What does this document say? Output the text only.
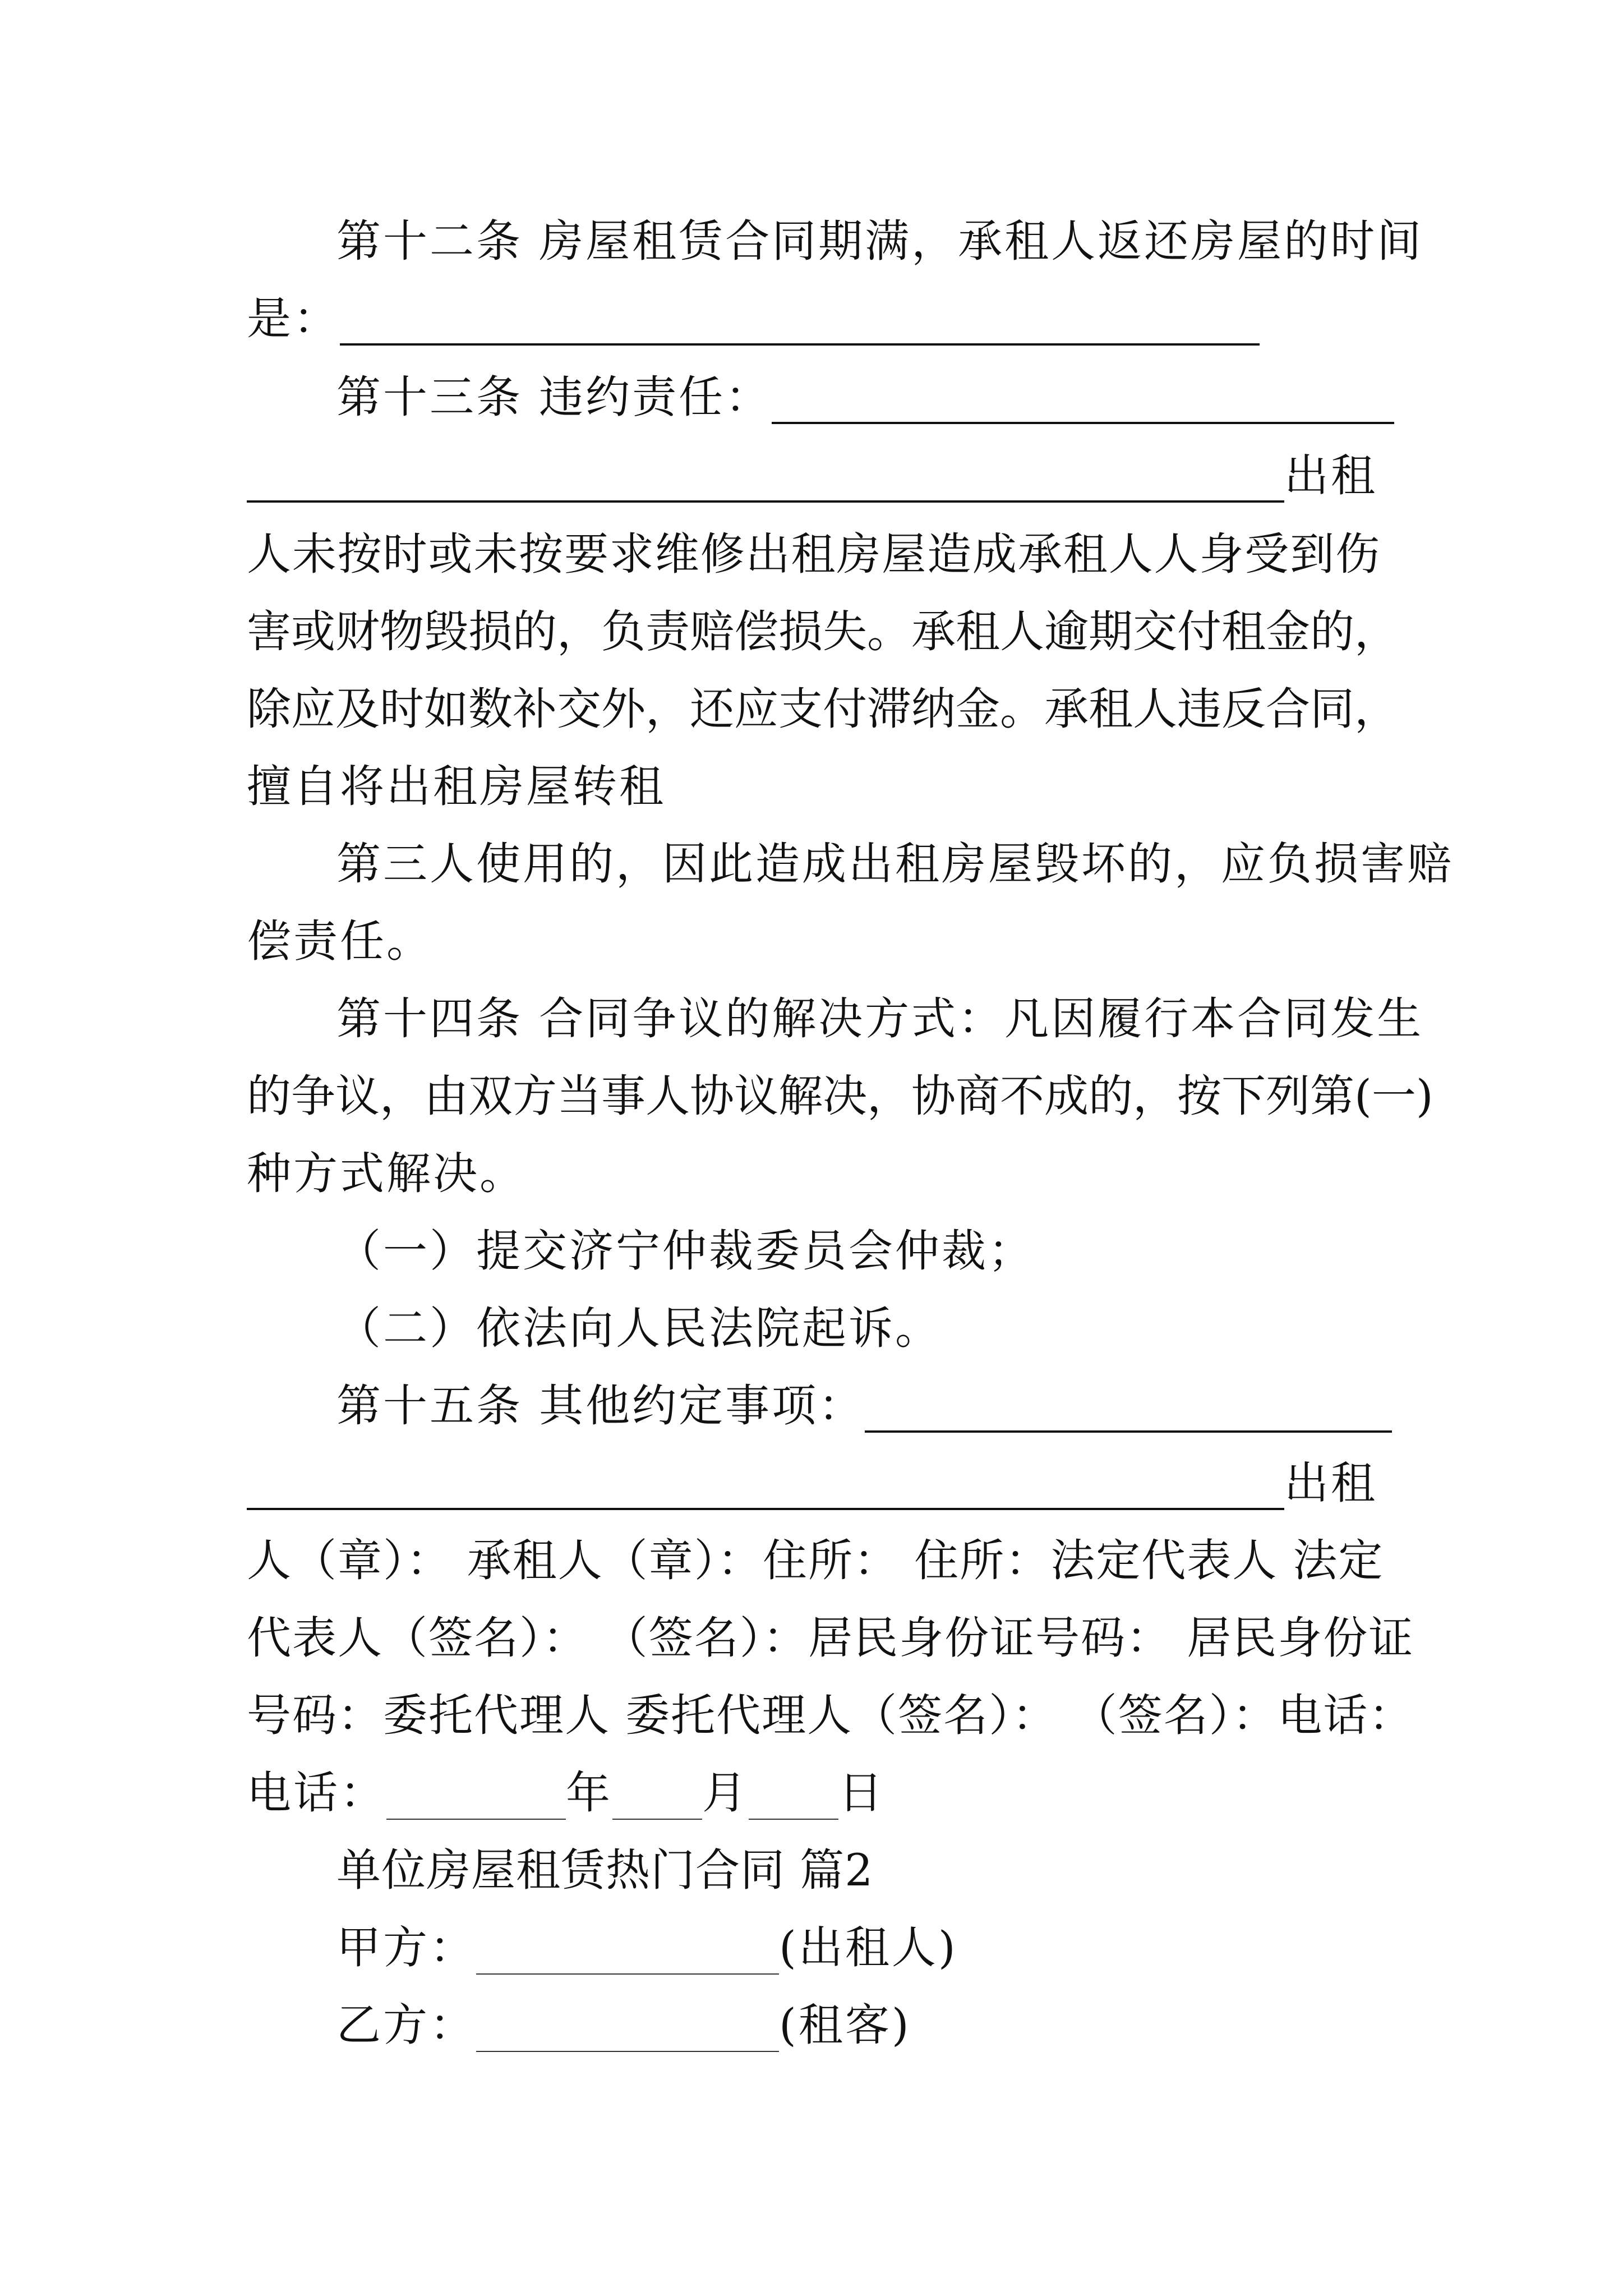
第十二条 房屋租赁合同期满，承租人返还房屋的时间
是：
第十三条 违约责任：
出租
人未按时或未按要求维修出租房屋造成承租人人身受到伤
害或财物毁损的，负责赔偿损失。承租人逾期交付租金的，
除应及时如数补交外，还应支付滞纳金。承租人违反合同，
擅自将出租房屋转租
第三人使用的，因此造成出租房屋毁坏的，应负损害赔
偿责任。
第十四条 合同争议的解决方式：凡因履行本合同发生
的争议，由双方当事人协议解决，协商不成的，按下列第(一)
种方式解决。
（一）提交济宁仲裁委员会仲裁；
（二）依法向人民法院起诉。
第十五条 其他约定事项：
出租
人（章）： 承租人（章）：住所： 住所：法定代表人 法定
代表人（签名）： （签名）：居民身份证号码： 居民身份证
号码：委托代理人 委托代理人（签名）： （签名）：电话：
电话：	年 月 日
单位房屋租赁热门合同 篇2
甲方：	(出租人)
乙方：	(租客)
